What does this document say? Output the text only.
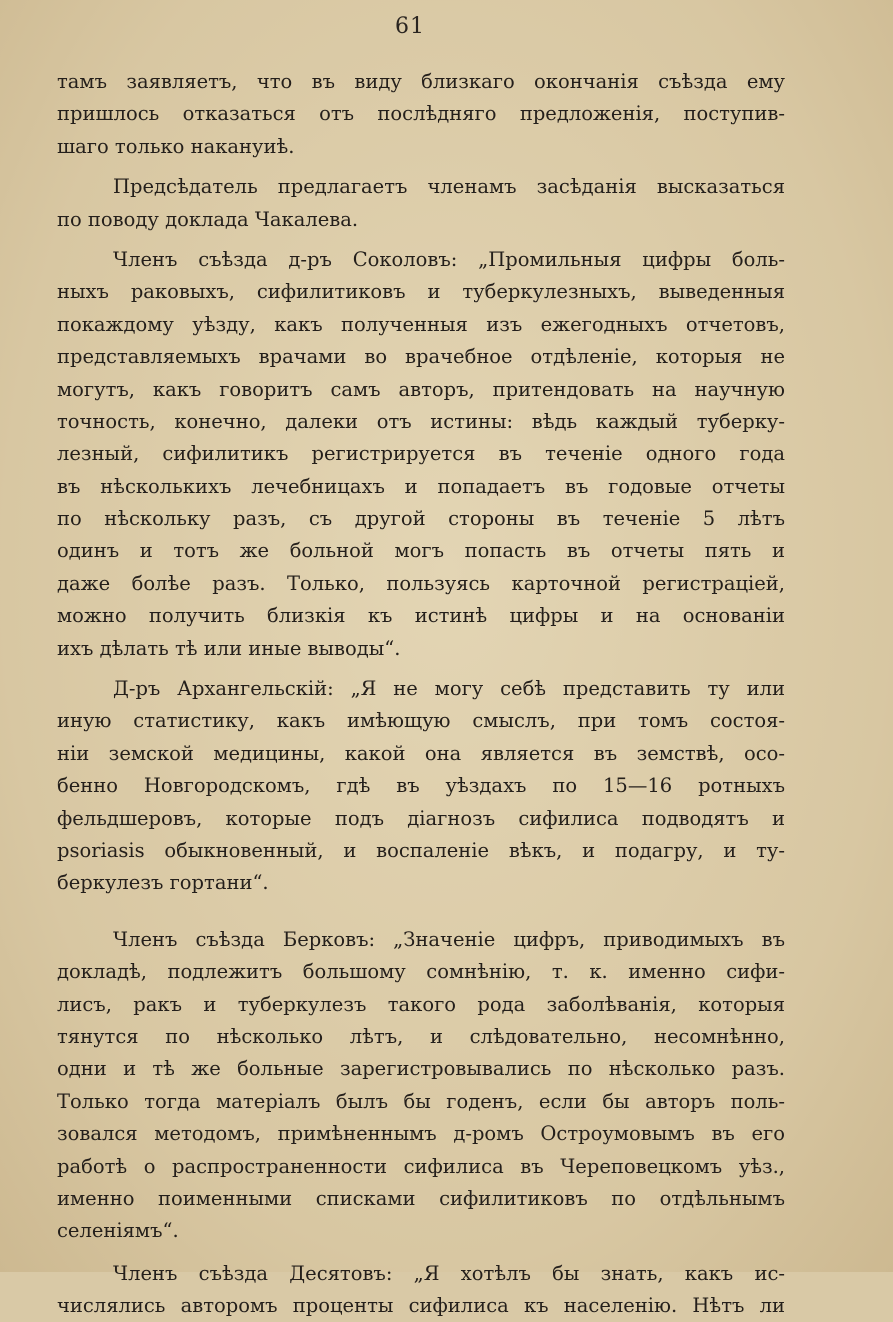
61
тамъ заявляетъ, что въ виду близкаго окончанія съѣзда ему
пришлось отказаться отъ послѣдняго предложенія, поступив-
шаго только накануиѣ.
Предсѣдатель предлагаетъ членамъ засѣданія высказаться
по поводу доклада Чакалева.
Членъ съѣзда д-ръ Соколовъ: „Промильныя цифры боль-
ныхъ раковыхъ, сифилитиковъ и туберкулезныхъ, выведенныя
покаждому уѣзду, какъ полученныя изъ ежегодныхъ отчетовъ,
представляемыхъ врачами во врачебное отдѣленіе, которыя не
могутъ, какъ говоритъ самъ авторъ, притендовать на научную
точность, конечно, далеки отъ истины: вѣдь каждый туберку-
лезный, сифилитикъ регистрируется въ теченіе одного года
въ нѣсколькихъ лечебницахъ и попадаетъ въ годовые отчеты
по нѣскольку разъ, съ другой стороны въ теченіе 5 лѣтъ
одинъ и тотъ же больной могъ попасть въ отчеты пять и
даже болѣе разъ. Только, пользуясь карточной регистраціей,
можно получить близкія къ истинѣ цифры и на основаніи
ихъ дѣлать тѣ или иные выводы“.
Д-ръ Архангельскій: „Я не могу себѣ представить ту или
иную статистику, какъ имѣющую смыслъ, при томъ состоя-
ніи земской медицины, какой она является въ земствѣ, осо-
бенно Новгородскомъ, гдѣ въ уѣздахъ по 15—16 ротныхъ
фельдшеровъ, которые подъ діагнозъ сифилиса подводятъ и
psoriasis обыкновенный, и воспаленіе вѣкъ, и подагру, и ту-
беркулезъ гортани“.
Членъ съѣзда Берковъ: „Значеніе цифръ, приводимыхъ въ
докладѣ, подлежитъ большому сомнѣнію, т. к. именно сифи-
лисъ, ракъ и туберкулезъ такого рода заболѣванія, которыя
тянутся по нѣсколько лѣтъ, и слѣдовательно, несомнѣнно,
одни и тѣ же больные зарегистровывались по нѣсколько разъ.
Только тогда матеріалъ былъ бы годенъ, если бы авторъ поль-
зовался методомъ, примѣненнымъ д-ромъ Остроумовымъ въ его
работѣ о распространенности сифилиса въ Череповецкомъ уѣз.,
именно поименными списками сифилитиковъ по отдѣльнымъ
селеніямъ“.
Членъ съѣзда Десятовъ: „Я хотѣлъ бы знать, какъ ис-
числялись авторомъ проценты сифилиса къ населенію. Нѣтъ ли
